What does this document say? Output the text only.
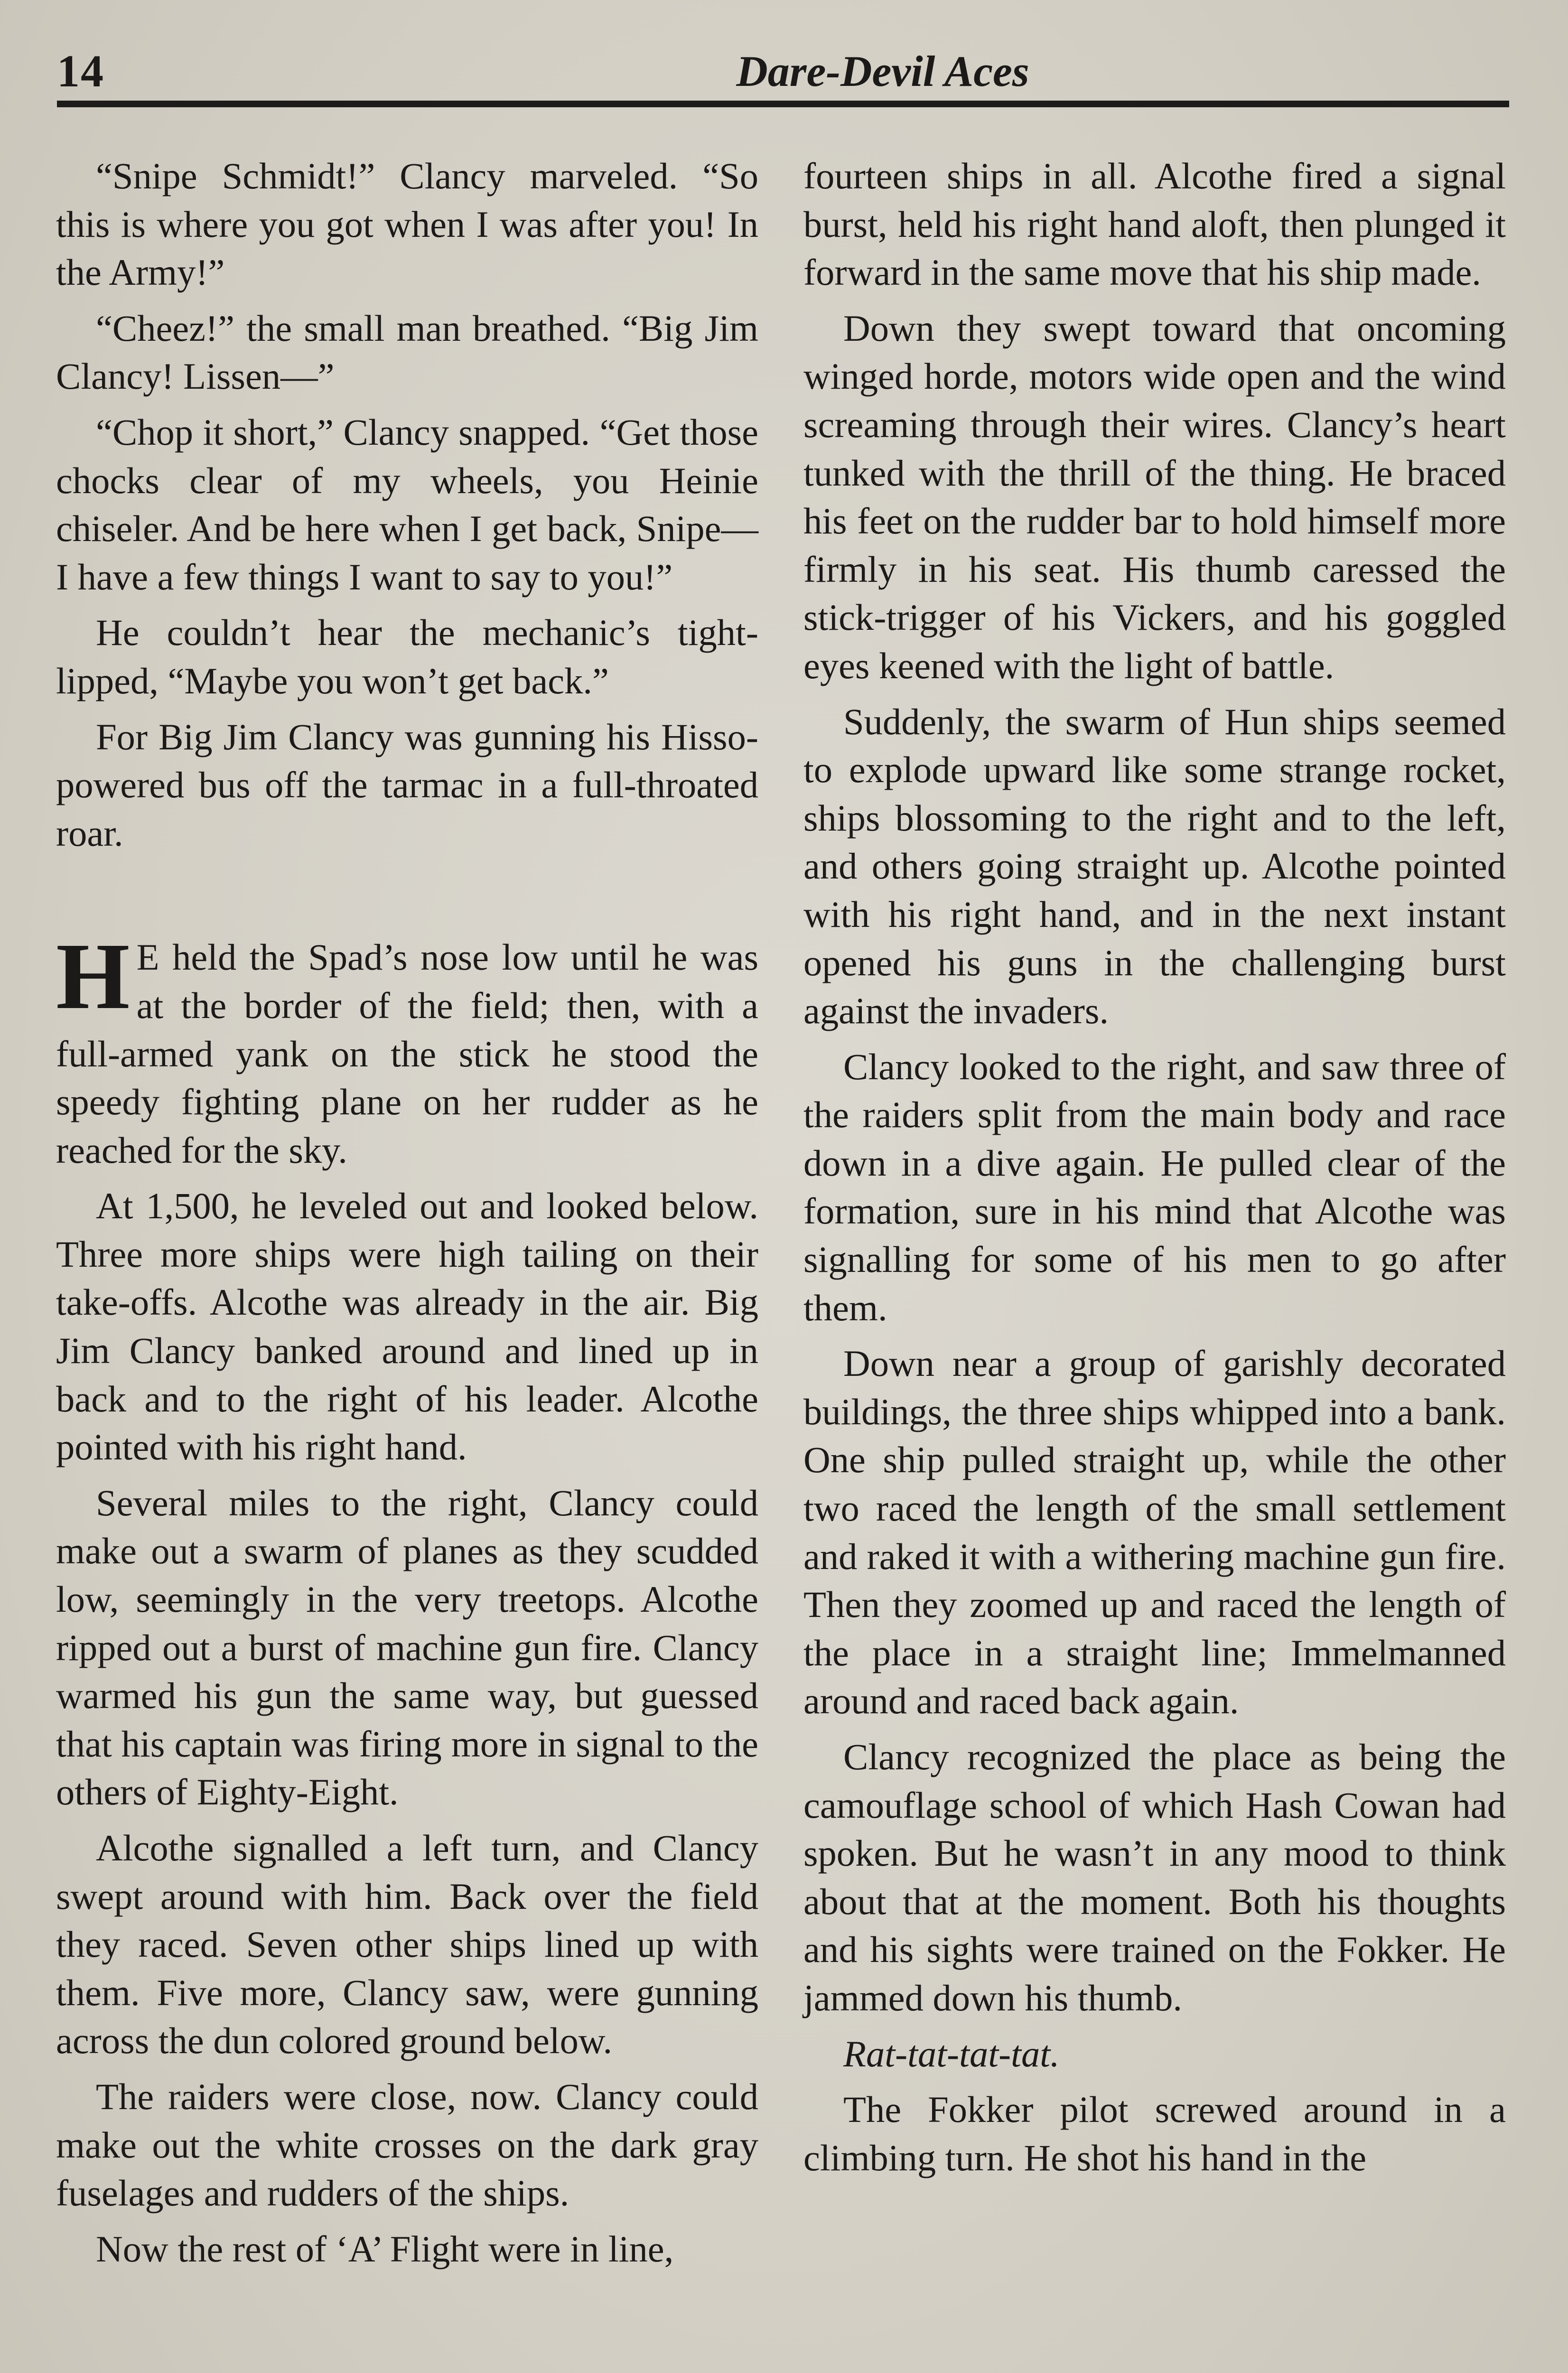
14	Dare-Devil Aces

“Snipe Schmidt!” Clancy marveled. “So this is where you got when I was after you! In the Army!”

“Cheez!” the small man breathed. “Big Jim Clancy! Lissen—”

“Chop it short,” Clancy snapped. “Get those chocks clear of my wheels, you Heinie chiseler. And be here when I get back, Snipe—I have a few things I want to say to you!”

He couldn’t hear the mechanic’s tight-lipped, “Maybe you won’t get back.”

For Big Jim Clancy was gunning his Hisso-powered bus off the tarmac in a full-throated roar.

H E held the Spad’s nose low until he was at the border of the field; then, with a full-armed yank on the stick he stood the speedy fighting plane on her rudder as he reached for the sky.

At 1,500, he leveled out and looked below. Three more ships were high tailing on their take-offs. Alcothe was already in the air. Big Jim Clancy banked around and lined up in back and to the right of his leader. Alcothe pointed with his right hand.

Several miles to the right, Clancy could make out a swarm of planes as they scudded low, seemingly in the very treetops. Alcothe ripped out a burst of machine gun fire. Clancy warmed his gun the same way, but guessed that his captain was firing more in signal to the others of Eighty-Eight.

Alcothe signalled a left turn, and Clancy swept around with him. Back over the field they raced. Seven other ships lined up with them. Five more, Clancy saw, were gunning across the dun colored ground below.

The raiders were close, now. Clancy could make out the white crosses on the dark gray fuselages and rudders of the ships.

Now the rest of ‘A’ Flight were in line,

fourteen ships in all. Alcothe fired a signal burst, held his right hand aloft, then plunged it forward in the same move that his ship made.

Down they swept toward that oncoming winged horde, motors wide open and the wind screaming through their wires. Clancy’s heart tunked with the thrill of the thing. He braced his feet on the rudder bar to hold himself more firmly in his seat. His thumb caressed the stick-trigger of his Vickers, and his goggled eyes keened with the light of battle.

Suddenly, the swarm of Hun ships seemed to explode upward like some strange rocket, ships blossoming to the right and to the left, and others going straight up. Alcothe pointed with his right hand, and in the next instant opened his guns in the challenging burst against the invaders.

Clancy looked to the right, and saw three of the raiders split from the main body and race down in a dive again. He pulled clear of the formation, sure in his mind that Alcothe was signalling for some of his men to go after them.

Down near a group of garishly decorated buildings, the three ships whipped into a bank. One ship pulled straight up, while the other two raced the length of the small settlement and raked it with a withering machine gun fire. Then they zoomed up and raced the length of the place in a straight line; Immelmanned around and raced back again.

Clancy recognized the place as being the camouflage school of which Hash Cowan had spoken. But he wasn’t in any mood to think about that at the moment. Both his thoughts and his sights were trained on the Fokker. He jammed down his thumb.

Rat-tat-tat-tat.

The Fokker pilot screwed around in a climbing turn. He shot his hand in the
